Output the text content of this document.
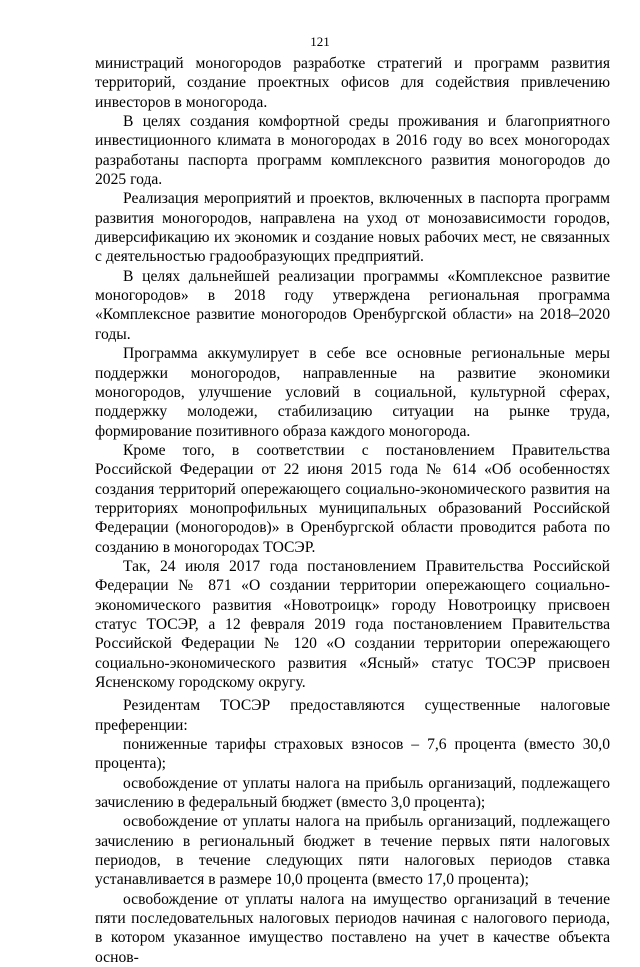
121

министраций моногородов разработке стратегий и программ развития территорий, создание проектных офисов для содействия привлечению инвесторов в моногорода.

В целях создания комфортной среды проживания и благоприятного инвестиционного климата в моногородах в 2016 году во всех моногородах разработаны паспорта программ комплексного развития моногородов до 2025 года.

Реализация мероприятий и проектов, включенных в паспорта программ развития моногородов, направлена на уход от монозависимости городов, диверсификацию их экономик и создание новых рабочих мест, не связанных с деятельностью градообразующих предприятий.

В целях дальнейшей реализации программы «Комплексное развитие моногородов» в 2018 году утверждена региональная программа «Комплексное развитие моногородов Оренбургской области» на 2018–2020 годы.

Программа аккумулирует в себе все основные региональные меры поддержки моногородов, направленные на развитие экономики моногородов, улучшение условий в социальной, культурной сферах, поддержку молодежи, стабилизацию ситуации на рынке труда, формирование позитивного образа каждого моногорода.

Кроме того, в соответствии с постановлением Правительства Российской Федерации от 22 июня 2015 года № 614 «Об особенностях создания территорий опережающего социально-экономического развития на территориях монопрофильных муниципальных образований Российской Федерации (моногородов)» в Оренбургской области проводится работа по созданию в моногородах ТОСЭР.

Так, 24 июля 2017 года постановлением Правительства Российской Федерации № 871 «О создании территории опережающего социально-экономического развития «Новотроицк» городу Новотроицку присвоен статус ТОСЭР, а 12 февраля 2019 года постановлением Правительства Российской Федерации № 120 «О создании территории опережающего социально-экономического развития «Ясный» статус ТОСЭР присвоен Ясненскому городскому округу.

Резидентам ТОСЭР предоставляются существенные налоговые преференции:

пониженные тарифы страховых взносов – 7,6 процента (вместо 30,0 процента);

освобождение от уплаты налога на прибыль организаций, подлежащего зачислению в федеральный бюджет (вместо 3,0 процента);

освобождение от уплаты налога на прибыль организаций, подлежащего зачислению в региональный бюджет в течение первых пяти налоговых периодов, в течение следующих пяти налоговых периодов ставка устанавливается в размере 10,0 процента (вместо 17,0 процента);

освобождение от уплаты налога на имущество организаций в течение пяти последовательных налоговых периодов начиная с налогового периода, в котором указанное имущество поставлено на учет в качестве объекта основ-
